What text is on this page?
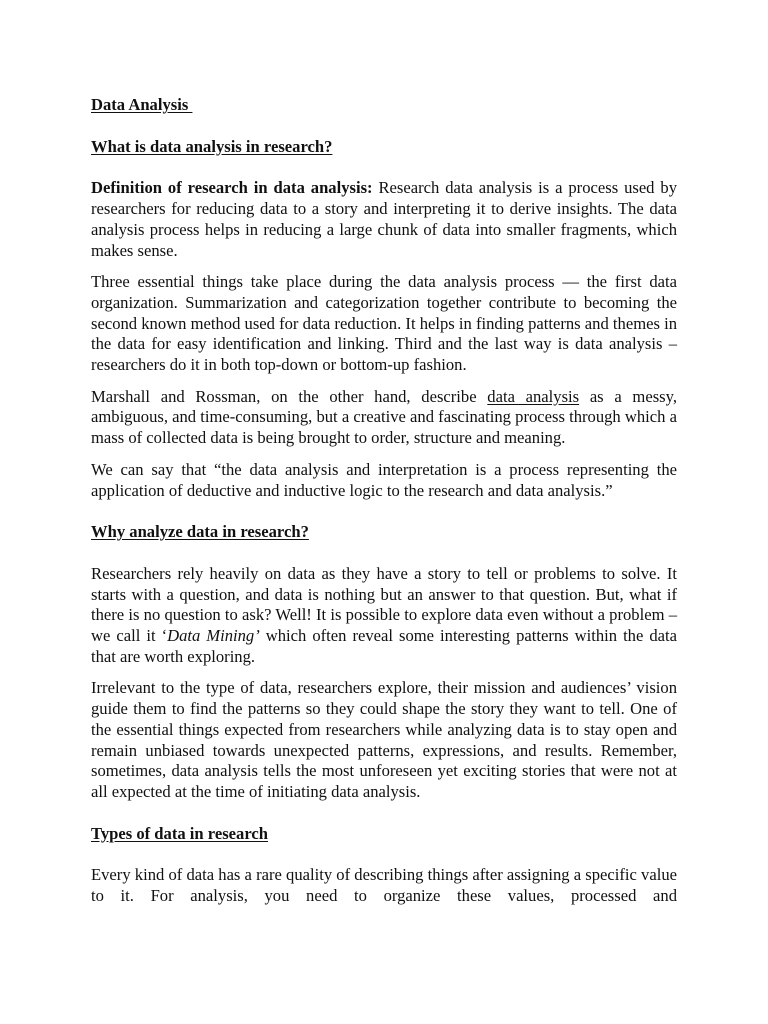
Data Analysis

What is data analysis in research?

Definition of research in data analysis: Research data analysis is a process used by researchers for reducing data to a story and interpreting it to derive insights. The data analysis process helps in reducing a large chunk of data into smaller fragments, which makes sense.

Three essential things take place during the data analysis process — the first data organization. Summarization and categorization together contribute to becoming the second known method used for data reduction. It helps in finding patterns and themes in the data for easy identification and linking. Third and the last way is data analysis – researchers do it in both top-down or bottom-up fashion.

Marshall and Rossman, on the other hand, describe data analysis as a messy, ambiguous, and time-consuming, but a creative and fascinating process through which a mass of collected data is being brought to order, structure and meaning.

We can say that “the data analysis and interpretation is a process representing the application of deductive and inductive logic to the research and data analysis.”

Why analyze data in research?

Researchers rely heavily on data as they have a story to tell or problems to solve. It starts with a question, and data is nothing but an answer to that question. But, what if there is no question to ask? Well! It is possible to explore data even without a problem – we call it ‘Data Mining’ which often reveal some interesting patterns within the data that are worth exploring.

Irrelevant to the type of data, researchers explore, their mission and audiences’ vision guide them to find the patterns so they could shape the story they want to tell. One of the essential things expected from researchers while analyzing data is to stay open and remain unbiased towards unexpected patterns, expressions, and results. Remember, sometimes, data analysis tells the most unforeseen yet exciting stories that were not at all expected at the time of initiating data analysis.

Types of data in research

Every kind of data has a rare quality of describing things after assigning a specific value to it. For analysis, you need to organize these values, processed and
